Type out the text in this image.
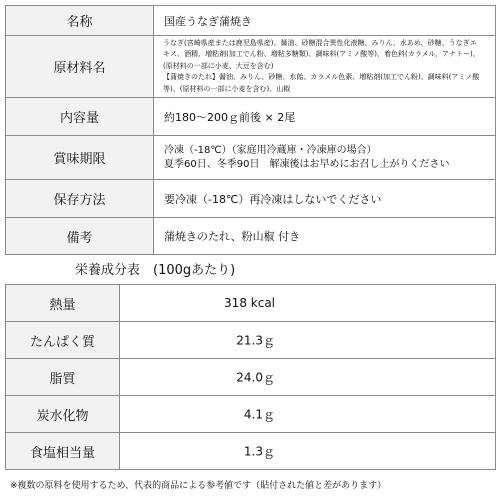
名称	国産うなぎ蒲焼き
原材料名	うなぎ(宮崎県産または鹿児島県産)、醤油、砂糖混合異性化液糖、みりん、水あめ、砂糖、うなぎエ
キス、酒精、増粘剤(加工でん粉、増粘多糖類)、調味料(アミノ酸等)、着色料(カラメル、アナトー)、
(原材料の一部に小麦、大豆を含む)
【蒲焼きのたれ】醤油、みりん、砂糖、水飴、カラメル色素、増粘剤(加工でん粉)、調味料(アミノ酸
等)、(原材料の一部に小麦を含む)、山椒

内容量	約180～200ｇ前後 × 2尾
賞味期限	冷凍（-18℃）（家庭用冷蔵庫・冷凍庫の場合）
夏季60日、冬季90日　解凍後はお早めにお召し上がりください

保存方法	要冷凍（-18℃）再冷凍はしないでください
備考	蒲焼きのたれ、粉山椒 付き
栄養成分表　(100gあたり)
熱量	318 kcal

たんぱく質	21.3ｇ

脂質	24.0ｇ

炭水化物	4.1ｇ

食塩相当量	1.3ｇ
※複数の原料を使用するため、代表的商品による参考値です（貼付された値と差があります）
